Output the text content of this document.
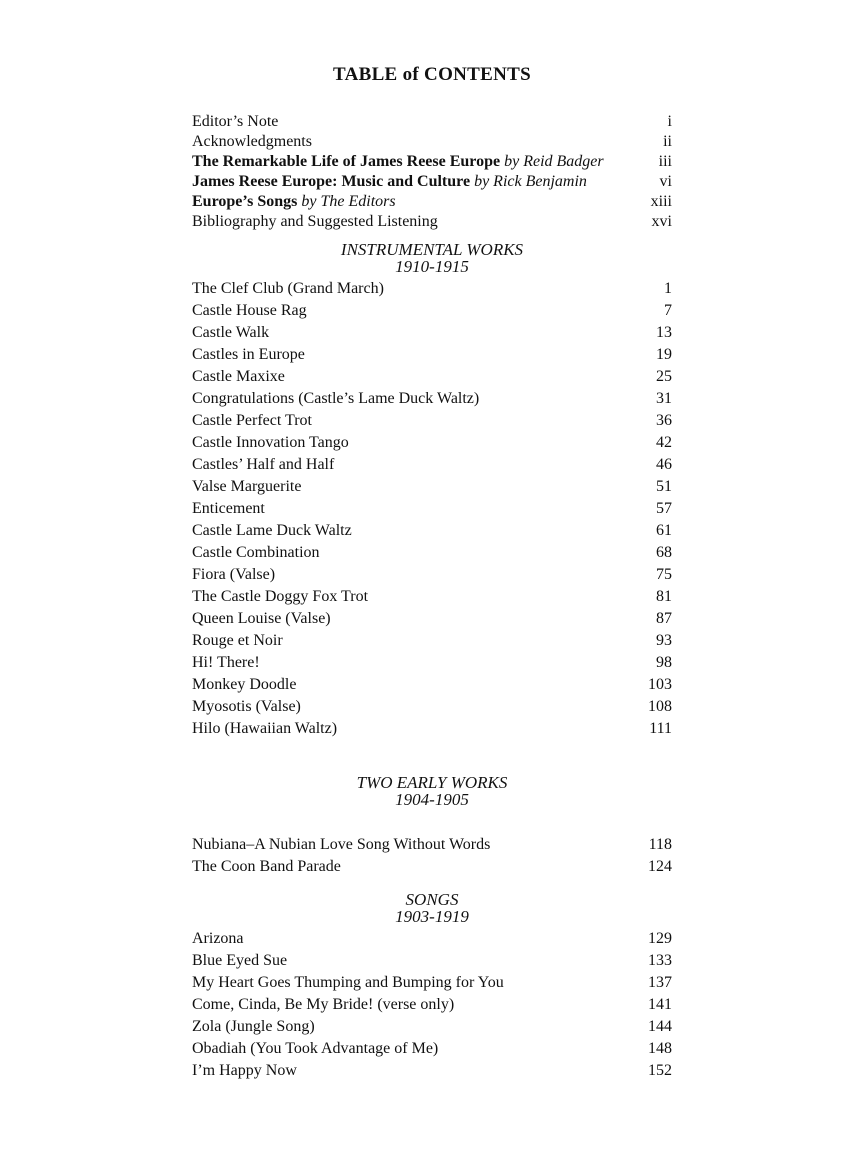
TABLE of CONTENTS
Editor’s Note	i
Acknowledgments	ii
The Remarkable Life of James Reese Europe by Reid Badger	iii
James Reese Europe: Music and Culture by Rick Benjamin	vi
Europe’s Songs by The Editors	xiii
Bibliography and Suggested Listening	xvi
INSTRUMENTAL WORKS
1910-1915
The Clef Club (Grand March)	1
Castle House Rag	7
Castle Walk	13
Castles in Europe	19
Castle Maxixe	25
Congratulations (Castle’s Lame Duck Waltz)	31
Castle Perfect Trot	36
Castle Innovation Tango	42
Castles’ Half and Half	46
Valse Marguerite	51
Enticement	57
Castle Lame Duck Waltz	61
Castle Combination	68
Fiora (Valse)	75
The Castle Doggy Fox Trot	81
Queen Louise (Valse)	87
Rouge et Noir	93
Hi! There!	98
Monkey Doodle	103
Myosotis (Valse)	108
Hilo (Hawaiian Waltz)	111
TWO EARLY WORKS
1904-1905
Nubiana–A Nubian Love Song Without Words	118
The Coon Band Parade	124
SONGS
1903-1919
Arizona	129
Blue Eyed Sue	133
My Heart Goes Thumping and Bumping for You	137
Come, Cinda, Be My Bride! (verse only)	141
Zola (Jungle Song)	144
Obadiah (You Took Advantage of Me)	148
I’m Happy Now	152
